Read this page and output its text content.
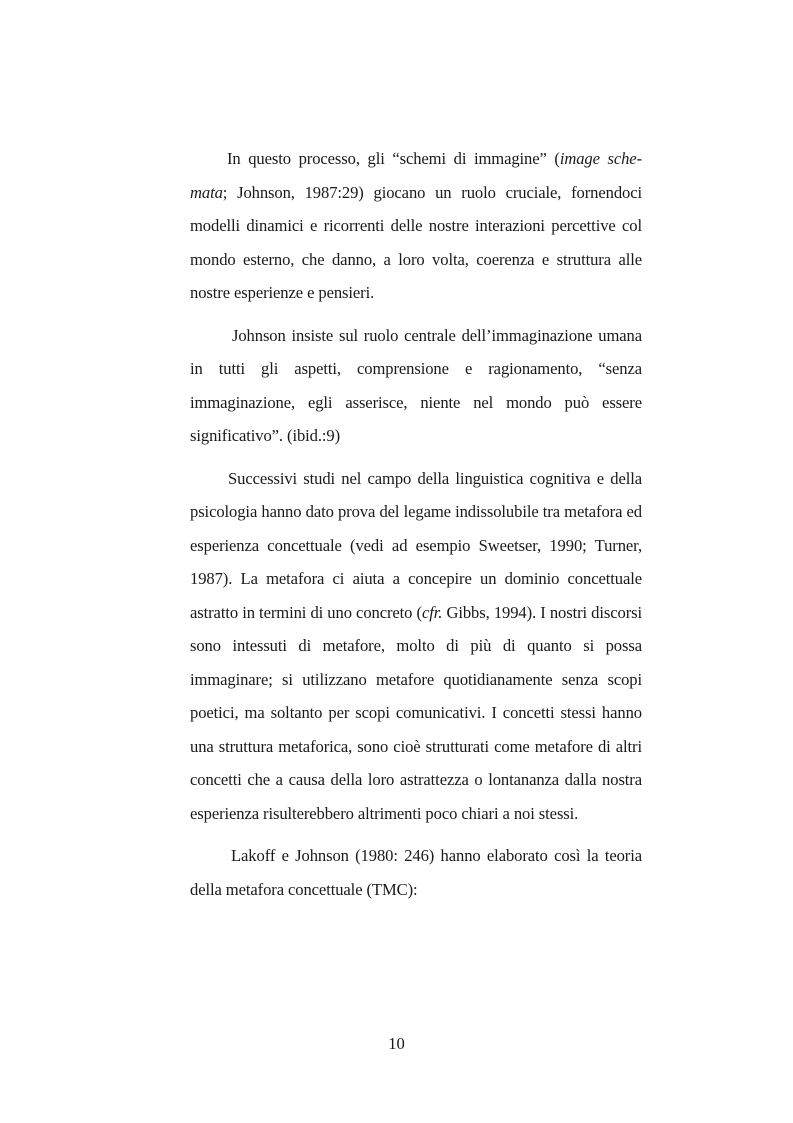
In questo processo, gli “schemi di immagine” (image sche-mata; Johnson, 1987:29) giocano un ruolo cruciale, fornendoci modelli dinamici e ricorrenti delle nostre interazioni percettive col mondo esterno, che danno, a loro volta, coerenza e struttura alle nostre esperienze e pensieri.

Johnson insiste sul ruolo centrale dell’immaginazione umana in tutti gli aspetti, comprensione e ragionamento, “senza immaginazione, egli asserisce, niente nel mondo può essere significativo”. (ibid.:9)

Successivi studi nel campo della linguistica cognitiva e della psicologia hanno dato prova del legame indissolubile tra metafora ed esperienza concettuale (vedi ad esempio Sweetser, 1990; Turner, 1987). La metafora ci aiuta a concepire un dominio concettuale astratto in termini di uno concreto (cfr. Gibbs, 1994). I nostri discorsi sono intessuti di metafore, molto di più di quanto si possa immaginare; si utilizzano metafore quotidianamente senza scopi poetici, ma soltanto per scopi comunicativi. I concetti stessi hanno una struttura metaforica, sono cioè strutturati come metafore di altri concetti che a causa della loro astrattezza o lontananza dalla nostra esperienza risulterebbero altrimenti poco chiari a noi stessi.

Lakoff e Johnson (1980: 246) hanno elaborato così la teoria della metafora concettuale (TMC):

10
